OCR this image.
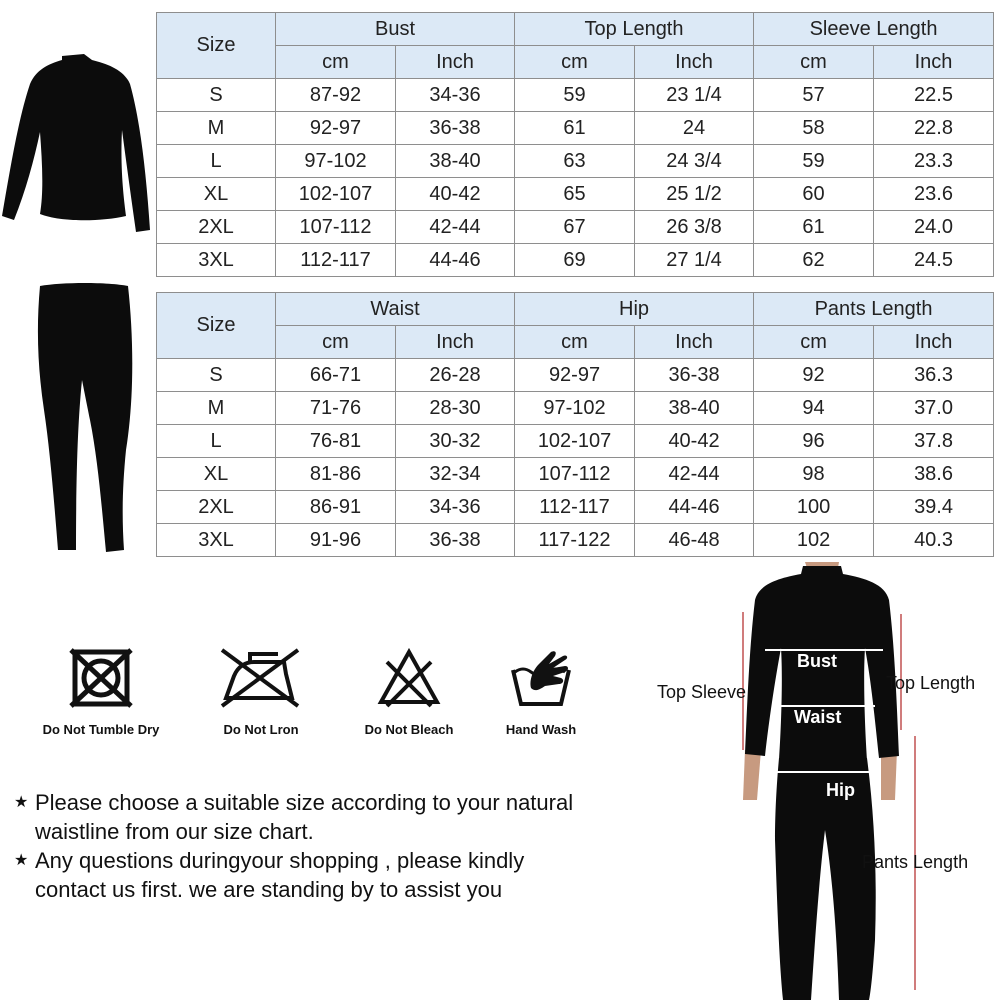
Size	Bust		Top Length		Sleeve Length	
	cm	Inch	cm	Inch	cm	Inch
S	87-92	34-36	59	23 1/4	57	22.5
M	92-97	36-38	61	24	58	22.8
L	97-102	38-40	63	24 3/4	59	23.3
XL	102-107	40-42	65	25 1/2	60	23.6
2XL	107-112	42-44	67	26 3/8	61	24.0
3XL	112-117	44-46	69	27 1/4	62	24.5
Size	Waist		Hip		Pants Length	
	cm	Inch	cm	Inch	cm	Inch
S	66-71	26-28	92-97	36-38	92	36.3
M	71-76	28-30	97-102	38-40	94	37.0
L	76-81	30-32	102-107	40-42	96	37.8
XL	81-86	32-34	107-112	42-44	98	38.6
2XL	86-91	34-36	112-117	44-46	100	39.4
3XL	91-96	36-38	117-122	46-48	102	40.3
Do Not Tumble Dry	Do Not Lron	Do Not Bleach	Hand Wash
★ Please choose a suitable size according to your natural
waistline from our size chart.
★ Any questions duringyour shopping , please kindly
contact us first. we are standing by to assist you
Top Sleeve
Bust
Top Length
Waist
Hip
Pants Length
